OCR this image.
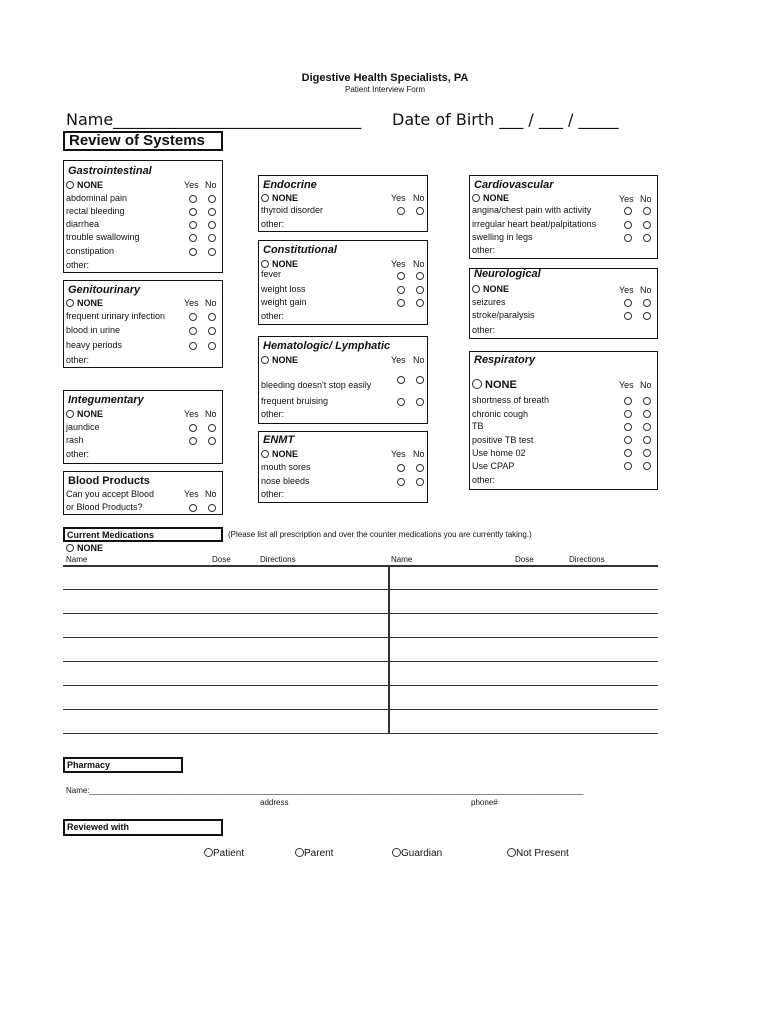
Digestive Health Specialists, PA
Patient Interview Form
Name_______________________________ Date of Birth ___ / ___ / _____
Review of Systems
Gastrointestinal
NONE	Yes No
abdominal pain
rectal bleeding
diarrhea
trouble swallowing
constipation
other:
Genitourinary
NONE	Yes No
frequent urinary infection
blood in urine
heavy periods
other:
Integumentary
NONE	Yes No
jaundice
rash
other:
Blood Products
Can you accept Blood	Yes No
or Blood Products?
Endocrine
NONE	Yes No
thyroid disorder
other:
Constitutional
NONE	Yes No
fever
weight loss
weight gain
other:
Hematologic/ Lymphatic
NONE	Yes No
bleeding doesn't stop easily
frequent bruising
other:
ENMT
NONE	Yes No
mouth sores
nose bleeds
other:
Cardiovascular
NONE	Yes No
angina/chest pain with activity
irregular heart beat/palpitations
swelling in legs
other:
Neurological
NONE	Yes No
seizures
stroke/paralysis
other:
Respiratory
NONE	Yes No
shortness of breath
chronic cough
TB
positive TB test
Use home 02
Use CPAP
other:
Current Medications	(Please list all prescription and over the counter medications you are currently taking.)
NONE
Name	Dose	Directions	Name	Dose	Directions
Pharmacy
Name:_______________________________________________________________________________________________________________
address	phone#
Reviewed with
Patient	Parent	Guardian	Not Present
